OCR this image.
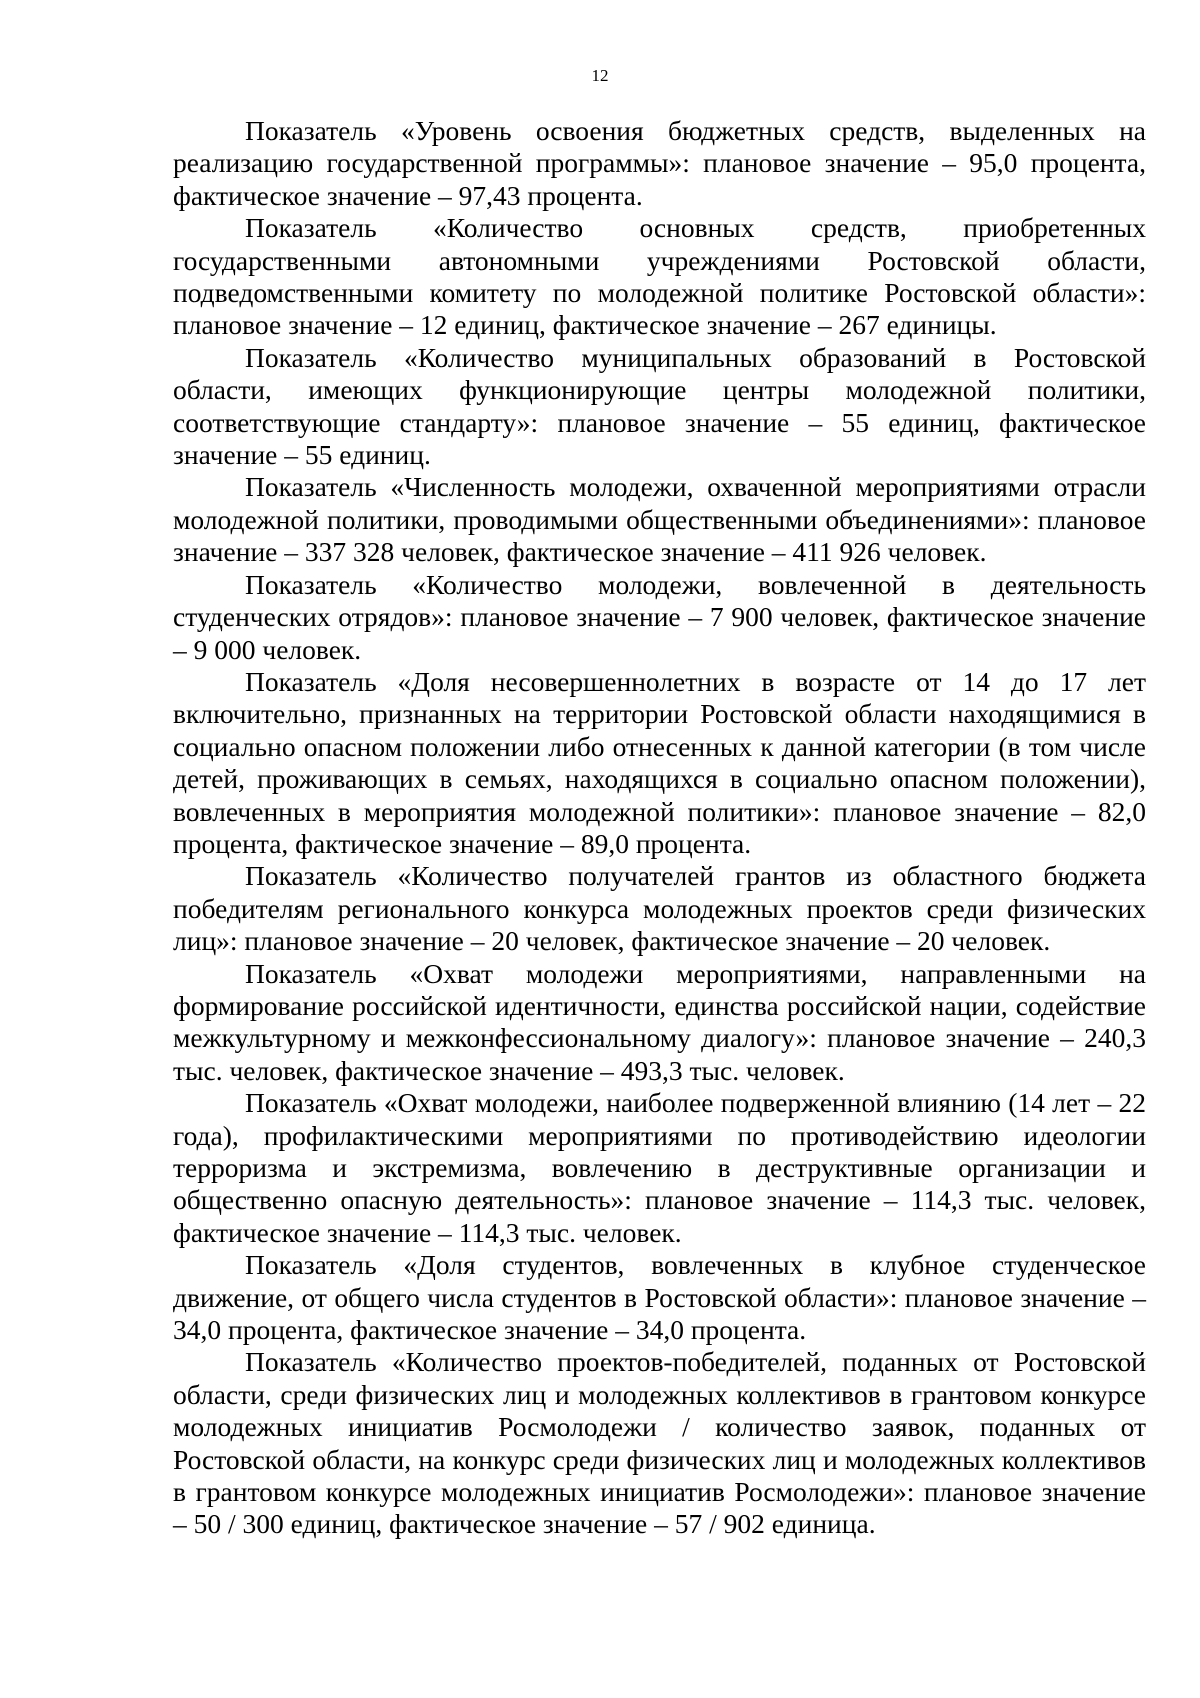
12

Показатель «Уровень освоения бюджетных средств, выделенных на реализацию государственной программы»: плановое значение – 95,0 процента, фактическое значение – 97,43 процента.

Показатель «Количество основных средств, приобретенных государственными автономными учреждениями Ростовской области, подведомственными комитету по молодежной политике Ростовской области»: плановое значение – 12 единиц, фактическое значение – 267 единицы.

Показатель «Количество муниципальных образований в Ростовской области, имеющих функционирующие центры молодежной политики, соответствующие стандарту»: плановое значение – 55 единиц, фактическое значение – 55 единиц.

Показатель «Численность молодежи, охваченной мероприятиями отрасли молодежной политики, проводимыми общественными объединениями»: плановое значение – 337 328 человек, фактическое значение – 411 926 человек.

Показатель «Количество молодежи, вовлеченной в деятельность студенческих отрядов»: плановое значение – 7 900 человек, фактическое значение – 9 000 человек.

Показатель «Доля несовершеннолетних в возрасте от 14 до 17 лет включительно, признанных на территории Ростовской области находящимися в социально опасном положении либо отнесенных к данной категории (в том числе детей, проживающих в семьях, находящихся в социально опасном положении), вовлеченных в мероприятия молодежной политики»: плановое значение – 82,0 процента, фактическое значение – 89,0 процента.

Показатель «Количество получателей грантов из областного бюджета победителям регионального конкурса молодежных проектов среди физических лиц»: плановое значение – 20 человек, фактическое значение – 20 человек.

Показатель «Охват молодежи мероприятиями, направленными на формирование российской идентичности, единства российской нации, содействие межкультурному и межконфессиональному диалогу»: плановое значение – 240,3 тыс. человек, фактическое значение – 493,3 тыс. человек.

Показатель «Охват молодежи, наиболее подверженной влиянию (14 лет – 22 года), профилактическими мероприятиями по противодействию идеологии терроризма и экстремизма, вовлечению в деструктивные организации и общественно опасную деятельность»: плановое значение – 114,3 тыс. человек, фактическое значение – 114,3 тыс. человек.

Показатель «Доля студентов, вовлеченных в клубное студенческое движение, от общего числа студентов в Ростовской области»: плановое значение – 34,0 процента, фактическое значение – 34,0 процента.

Показатель «Количество проектов-победителей, поданных от Ростовской области, среди физических лиц и молодежных коллективов в грантовом конкурсе молодежных инициатив Росмолодежи / количество заявок, поданных от Ростовской области, на конкурс среди физических лиц и молодежных коллективов в грантовом конкурсе молодежных инициатив Росмолодежи»: плановое значение – 50 / 300 единиц, фактическое значение – 57 / 902 единица.
